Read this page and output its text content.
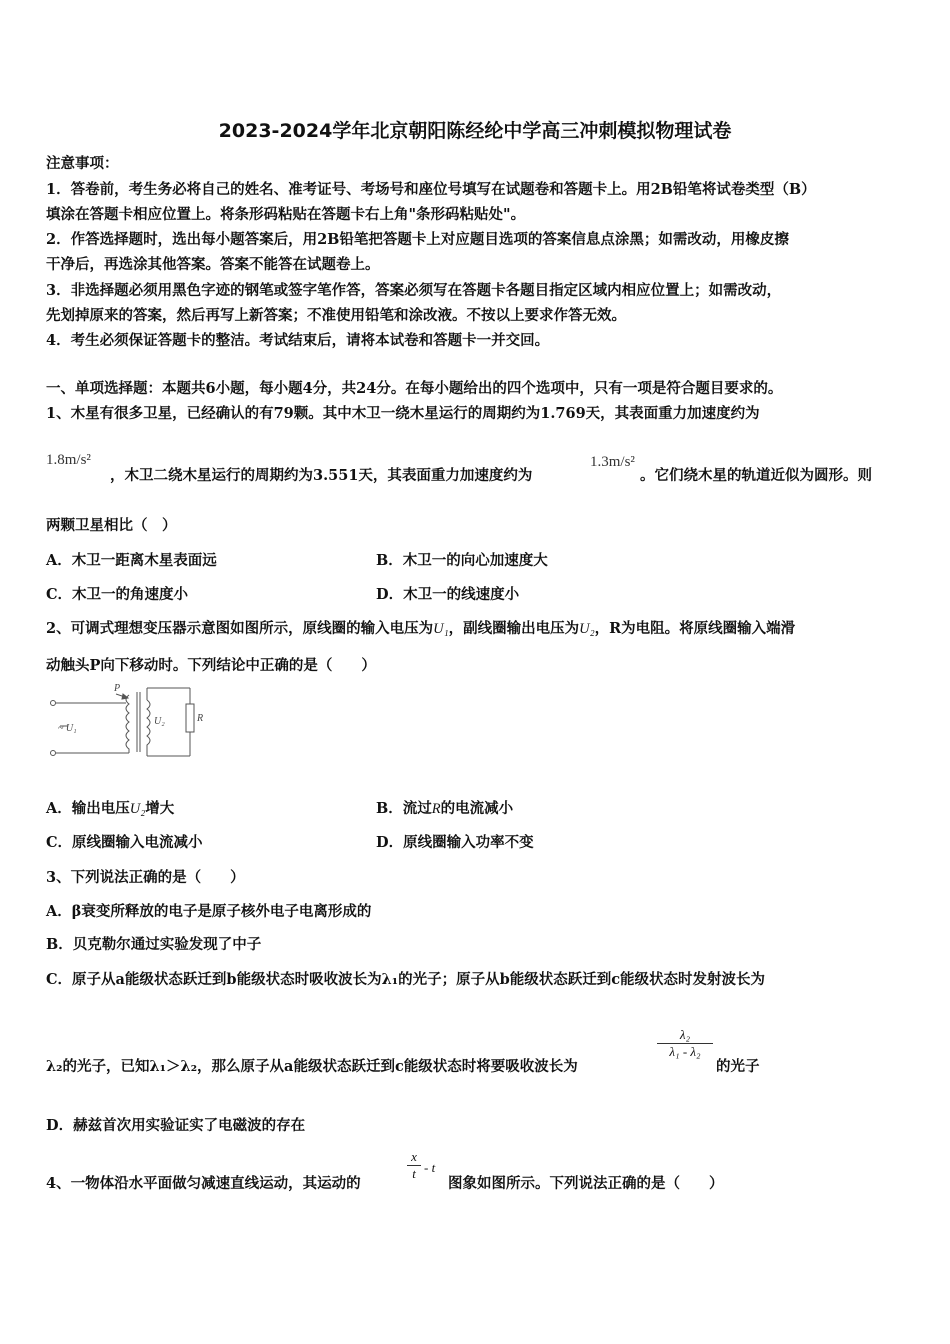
2023-2024学年北京朝阳陈经纶中学高三冲刺模拟物理试卷
注意事项：
1．答卷前，考生务必将自己的姓名、准考证号、考场号和座位号填写在试题卷和答题卡上。用2B铅笔将试卷类型（B）
填涂在答题卡相应位置上。将条形码粘贴在答题卡右上角"条形码粘贴处"。
2．作答选择题时，选出每小题答案后，用2B铅笔把答题卡上对应题目选项的答案信息点涂黑；如需改动，用橡皮擦
干净后，再选涂其他答案。答案不能答在试题卷上。
3．非选择题必须用黑色字迹的钢笔或签字笔作答，答案必须写在答题卡各题目指定区域内相应位置上；如需改动，
先划掉原来的答案，然后再写上新答案；不准使用铅笔和涂改液。不按以上要求作答无效。
4．考生必须保证答题卡的整洁。考试结束后，请将本试卷和答题卡一并交回。
一、单项选择题：本题共6小题，每小题4分，共24分。在每小题给出的四个选项中，只有一项是符合题目要求的。
1、木星有很多卫星，已经确认的有79颗。其中木卫一绕木星运行的周期约为1.769天，其表面重力加速度约为
1.8m/s²
，木卫二绕木星运行的周期约为3.551天，其表面重力加速度约为
1.3m/s²
。它们绕木星的轨道近似为圆形。则
两颗卫星相比（　）
A．木卫一距离木星表面远	B．木卫一的向心加速度大
C．木卫一的角速度小	D．木卫一的线速度小
2、可调式理想变压器示意图如图所示，原线圈的输入电压为U₁，副线圈输出电压为U₂，R为电阻。将原线圈输入端滑
动触头P向下移动时。下列结论中正确的是（　　）
P
~ U₁
U₂	R
A．输出电压U₂增大	B．流过R的电流减小
C．原线圈输入电流减小	D．原线圈输入功率不变
3、下列说法正确的是（　　）
A．β衰变所释放的电子是原子核外电子电离形成的
B．贝克勒尔通过实验发现了中子
C．原子从a能级状态跃迁到b能级状态时吸收波长为λ₁的光子；原子从b能级状态跃迁到c能级状态时发射波长为
λ₂的光子，已知λ₁＞λ₂，那么原子从a能级状态跃迁到c能级状态时将要吸收波长为
λ₂
λ₁ - λ₂
的光子
D．赫兹首次用实验证实了电磁波的存在
4、一物体沿水平面做匀减速直线运动，其运动的
x
t - t
图象如图所示。下列说法正确的是（　　）
